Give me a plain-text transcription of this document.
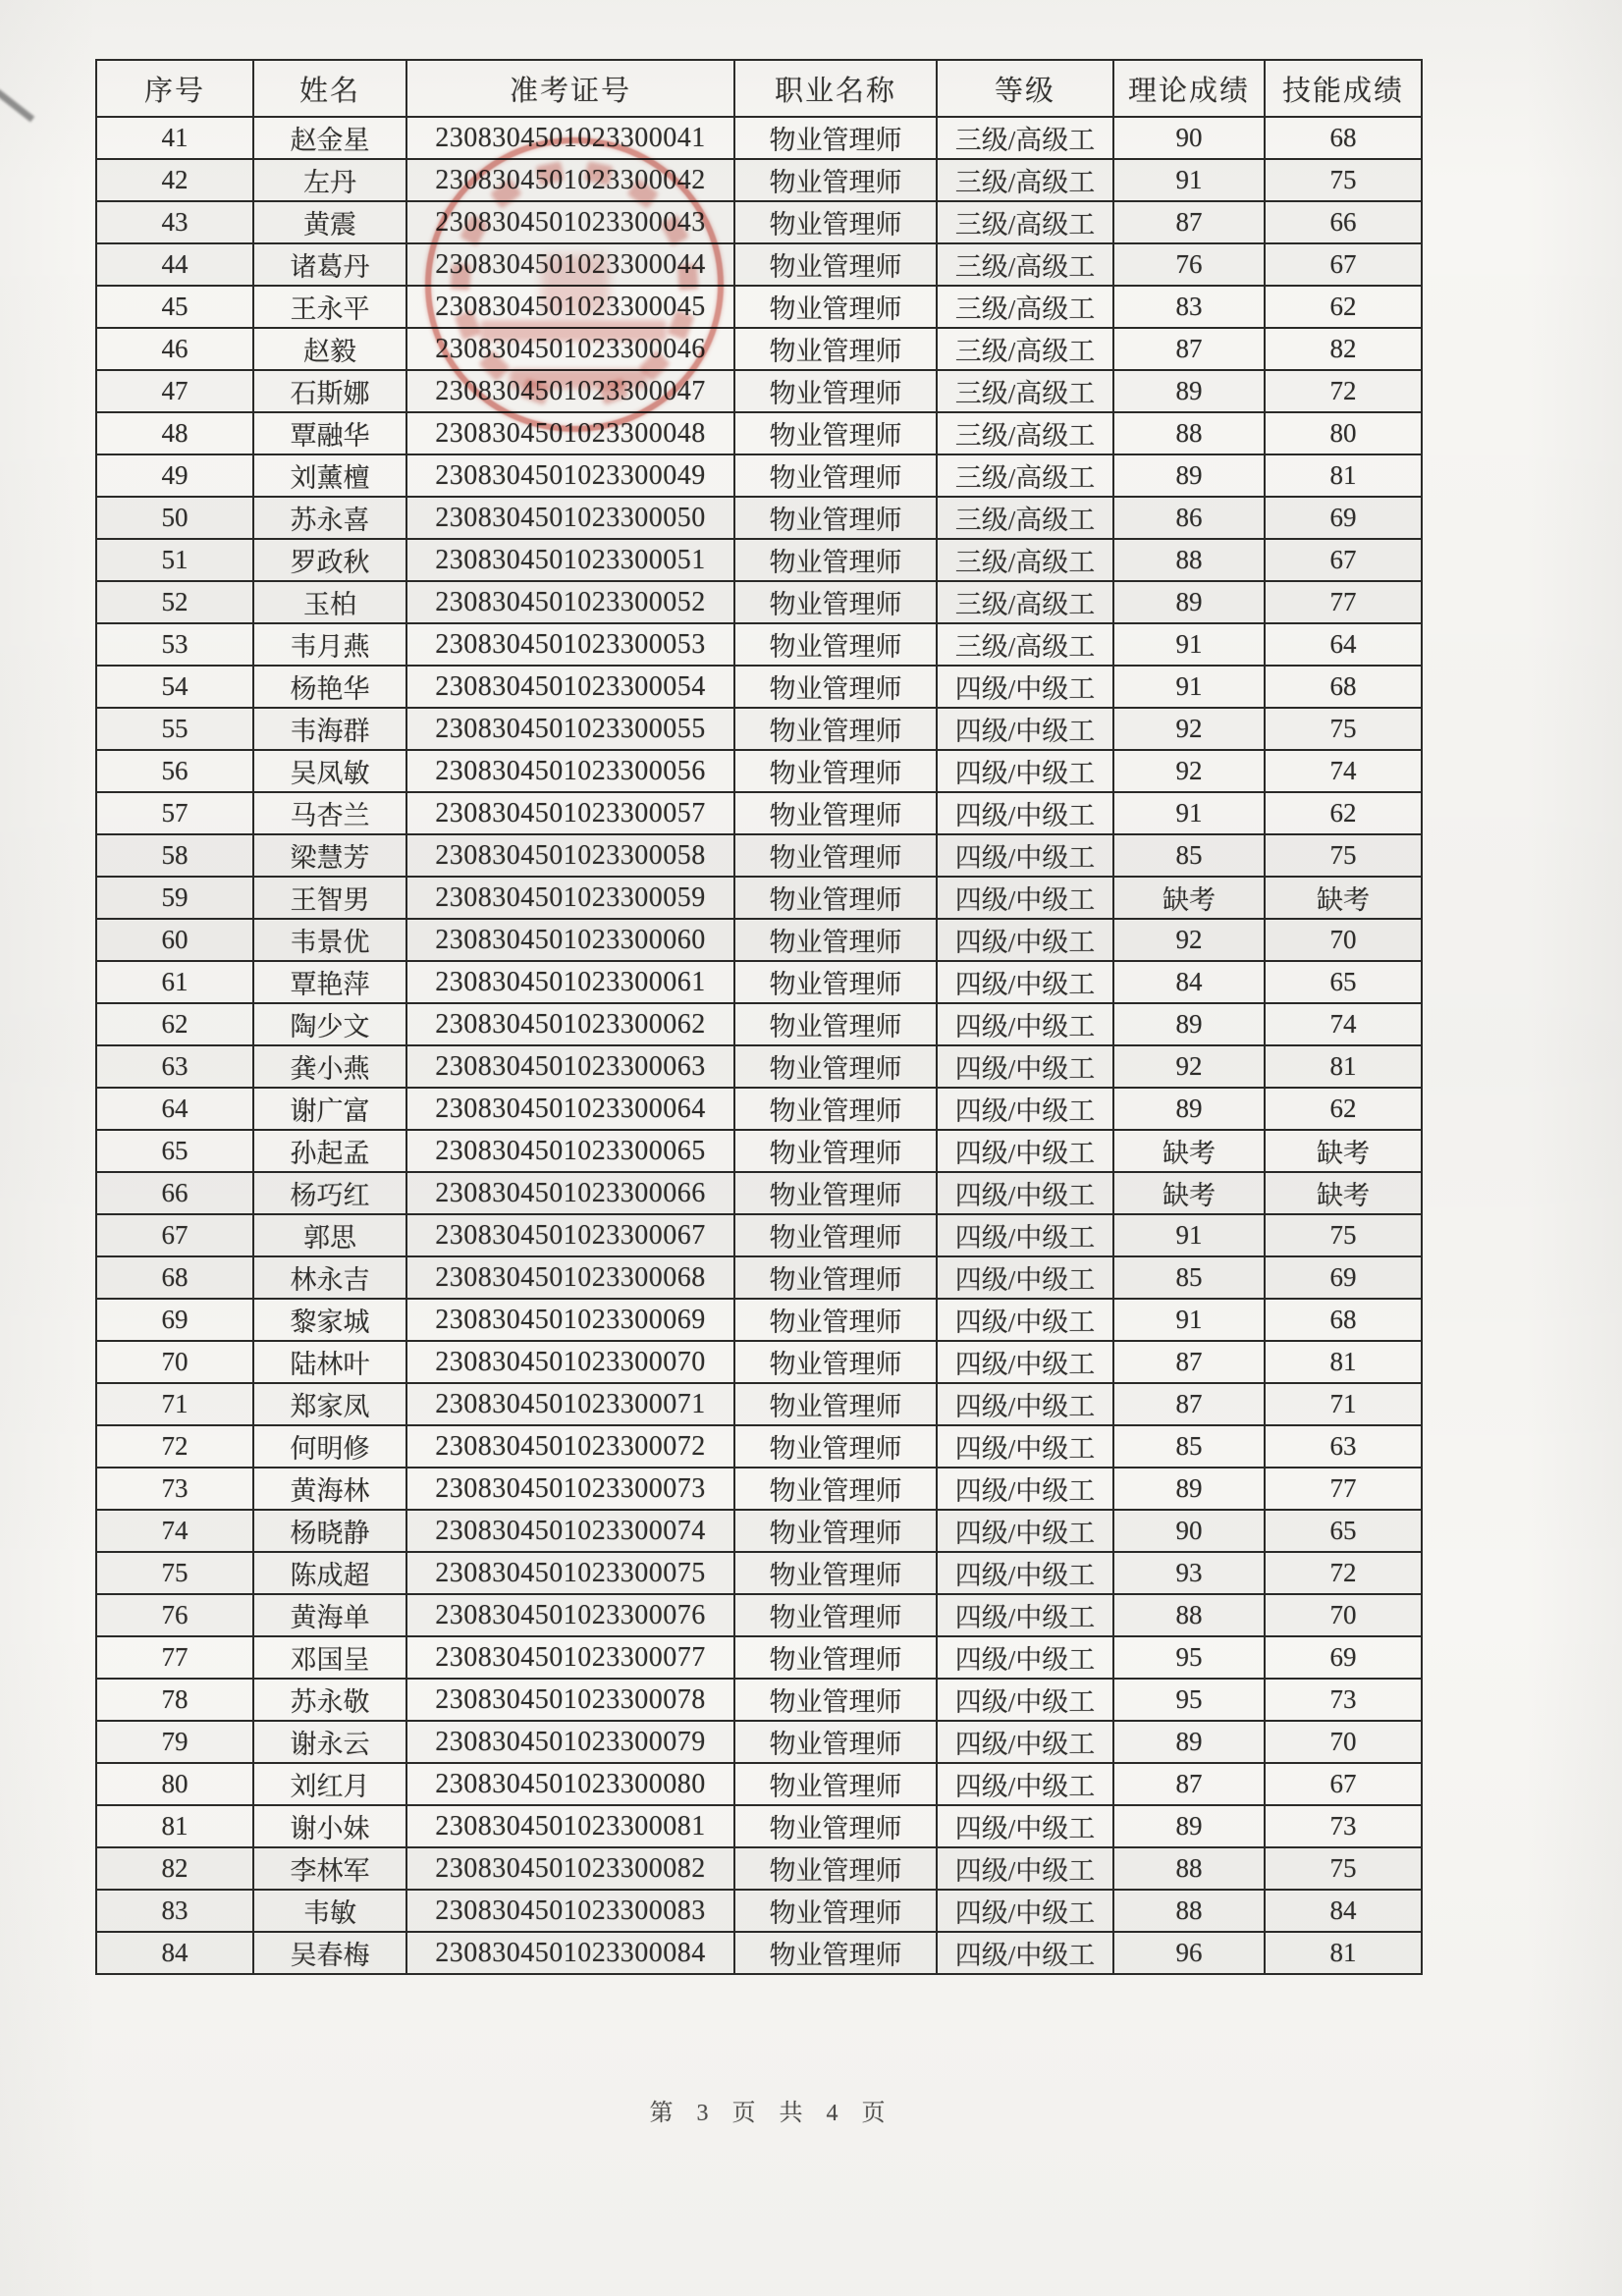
序号	姓名	准考证号	职业名称	等级	理论成绩	技能成绩
41	赵金星	2308304501023300041	物业管理师	三级/高级工	90	68
42	左丹	2308304501023300042	物业管理师	三级/高级工	91	75
43	黄震	2308304501023300043	物业管理师	三级/高级工	87	66
44	诸葛丹	2308304501023300044	物业管理师	三级/高级工	76	67
45	王永平	2308304501023300045	物业管理师	三级/高级工	83	62
46	赵毅	2308304501023300046	物业管理师	三级/高级工	87	82
47	石斯娜	2308304501023300047	物业管理师	三级/高级工	89	72
48	覃融华	2308304501023300048	物业管理师	三级/高级工	88	80
49	刘薰檀	2308304501023300049	物业管理师	三级/高级工	89	81
50	苏永喜	2308304501023300050	物业管理师	三级/高级工	86	69
51	罗政秋	2308304501023300051	物业管理师	三级/高级工	88	67
52	玉柏	2308304501023300052	物业管理师	三级/高级工	89	77
53	韦月燕	2308304501023300053	物业管理师	三级/高级工	91	64
54	杨艳华	2308304501023300054	物业管理师	四级/中级工	91	68
55	韦海群	2308304501023300055	物业管理师	四级/中级工	92	75
56	吴凤敏	2308304501023300056	物业管理师	四级/中级工	92	74
57	马杏兰	2308304501023300057	物业管理师	四级/中级工	91	62
58	梁慧芳	2308304501023300058	物业管理师	四级/中级工	85	75
59	王智男	2308304501023300059	物业管理师	四级/中级工	缺考	缺考
60	韦景优	2308304501023300060	物业管理师	四级/中级工	92	70
61	覃艳萍	2308304501023300061	物业管理师	四级/中级工	84	65
62	陶少文	2308304501023300062	物业管理师	四级/中级工	89	74
63	龚小燕	2308304501023300063	物业管理师	四级/中级工	92	81
64	谢广富	2308304501023300064	物业管理师	四级/中级工	89	62
65	孙起孟	2308304501023300065	物业管理师	四级/中级工	缺考	缺考
66	杨巧红	2308304501023300066	物业管理师	四级/中级工	缺考	缺考
67	郭思	2308304501023300067	物业管理师	四级/中级工	91	75
68	林永吉	2308304501023300068	物业管理师	四级/中级工	85	69
69	黎家城	2308304501023300069	物业管理师	四级/中级工	91	68
70	陆林叶	2308304501023300070	物业管理师	四级/中级工	87	81
71	郑家凤	2308304501023300071	物业管理师	四级/中级工	87	71
72	何明修	2308304501023300072	物业管理师	四级/中级工	85	63
73	黄海林	2308304501023300073	物业管理师	四级/中级工	89	77
74	杨晓静	2308304501023300074	物业管理师	四级/中级工	90	65
75	陈成超	2308304501023300075	物业管理师	四级/中级工	93	72
76	黄海单	2308304501023300076	物业管理师	四级/中级工	88	70
77	邓国呈	2308304501023300077	物业管理师	四级/中级工	95	69
78	苏永敬	2308304501023300078	物业管理师	四级/中级工	95	73
79	谢永云	2308304501023300079	物业管理师	四级/中级工	89	70
80	刘红月	2308304501023300080	物业管理师	四级/中级工	87	67
81	谢小妹	2308304501023300081	物业管理师	四级/中级工	89	73
82	李林军	2308304501023300082	物业管理师	四级/中级工	88	75
83	韦敏	2308304501023300083	物业管理师	四级/中级工	88	84
84	吴春梅	2308304501023300084	物业管理师	四级/中级工	96	81
第 3 页 共 4 页
